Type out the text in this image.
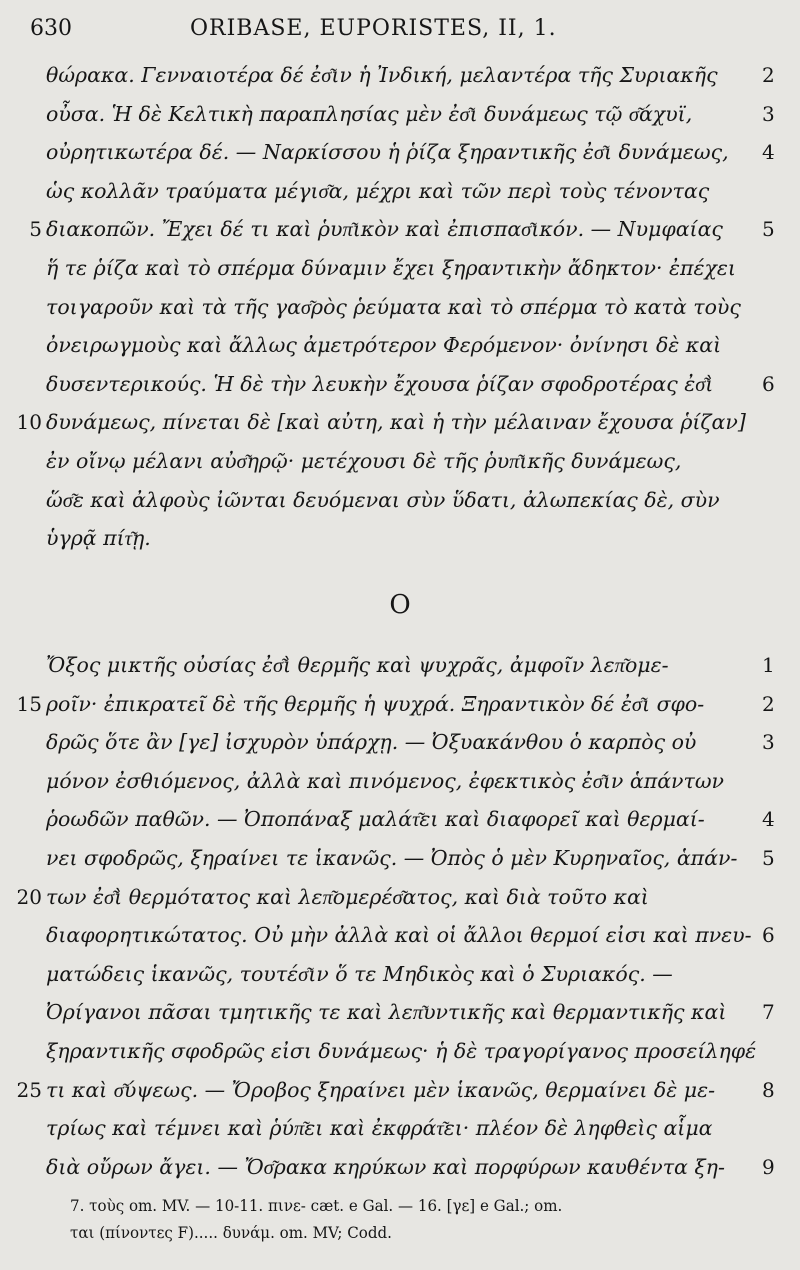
630	ORIBASE, EUPORISTES, II, 1.
θώρακα. Γενναιοτέρα δέ ἐσ͂ιν ἡ Ἰνδική, μελαντέρα τῆς Συριακῆς	2
οὖσα. Ἡ δὲ Κελτικὴ παραπλησίας μὲν ἐσ͂ι δυνάμεως τῷ σ͂άχυϊ,	3
οὐρητικωτέρα δέ. — Ναρκίσσου ἡ ῥίζα ξηραντικῆς ἐσ͂ι δυνάμεως,	4
ὡς κολλᾶν τραύματα μέγισ͂α, μέχρι καὶ τῶν περὶ τοὺς τένοντας
διακοπῶν. Ἔχει δέ τι καὶ ῥυπ͂ικὸν καὶ ἐπισπασ͂ικόν. — Νυμφαίας
5	5
ἥ τε ῥίζα καὶ τὸ σπέρμα δύναμιν ἔχει ξηραντικὴν ἄδηκτον· ἐπέχει
τοιγαροῦν καὶ τὰ τῆς γασ͂ρὸς ῥεύματα καὶ τὸ σπέρμα τὸ κατὰ τοὺς
ὀνειρωγμοὺς καὶ ἄλλως ἀμετρότερον Φερόμενον· ὀνίνησι δὲ καὶ
δυσεντερικούς. Ἡ δὲ τὴν λευκὴν ἔχουσα ῥίζαν σφοδροτέρας ἐσ͂ὶ	6
δυνάμεως, πίνεται δὲ [καὶ αὐτη, καὶ ἡ τὴν μέλαιναν ἔχουσα ῥίζαν]
10
ἐν οἴνῳ μέλανι αὐσ͂ηρῷ· μετέχουσι δὲ τῆς ῥυπ͂ικῆς δυνάμεως,
ὥσ͂ε καὶ ἀλφοὺς ἰῶνται δευόμεναι σὺν ὕδατι, ἀλωπεκίας δὲ, σὺν
ὑγρᾷ πίτ͂ῃ.
Ὄξος μικτῆς οὐσίας ἐσ͂ὶ θερμῆς καὶ ψυχρᾶς, ἀμφοῖν λεπ͂ομε-	1
ροῖν· ἐπικρατεῖ δὲ τῆς θερμῆς ἡ ψυχρά. Ξηραντικὸν δέ ἐσ͂ι σφο-
15	2
δρῶς ὅτε ἂν [γε] ἰσχυρὸν ὑπάρχῃ. — Ὀξυακάνθου ὁ καρπὸς οὐ	3
μόνον ἐσθιόμενος, ἀλλὰ καὶ πινόμενος, ἐφεκτικὸς ἐσ͂ιν ἁπάντων
ῥοωδῶν παθῶν. — Ὀποπάναξ μαλάτ͂ει καὶ διαφορεῖ καὶ θερμαί-	4
νει σφοδρῶς, ξηραίνει τε ἱκανῶς. — Ὀπὸς ὁ μὲν Κυρηναῖος, ἁπάν-	5
των ἐσ͂ὶ θερμότατος καὶ λεπ͂ομερέσ͂ατος, καὶ διὰ τοῦτο καὶ
20
διαφορητικώτατος. Οὐ μὴν ἀλλὰ καὶ οἱ ἄλλοι θερμοί εἰσι καὶ πνευ- 6
ματώδεις ἱκανῶς, τουτέσ͂ιν ὅ τε Μηδικὸς καὶ ὁ Συριακός. —
Ὀρίγανοι πᾶσαι τμητικῆς τε καὶ λεπ͂υντικῆς καὶ θερμαντικῆς καὶ	7
ξηραντικῆς σφοδρῶς εἰσι δυνάμεως· ἡ δὲ τραγορίγανος προσείληφέ
τι καὶ σ͂ύψεως. — Ὄροβος ξηραίνει μὲν ἱκανῶς, θερμαίνει δὲ με-
25	8
τρίως καὶ τέμνει καὶ ῥύπ͂ει καὶ ἐκφράτ͂ει· πλέον δὲ ληφθεὶς αἷμα
διὰ οὔρων ἄγει. — Ὄσ͂ρακα κηρύκων καὶ πορφύρων καυθέντα ξη-	9
O
7. τοὺς om. MV. — 10-11. πινε- cæt. e Gal. — 16. [γε] e Gal.; om.
ται (πίνοντες F)..... δυνάμ. om. MV; Codd.
